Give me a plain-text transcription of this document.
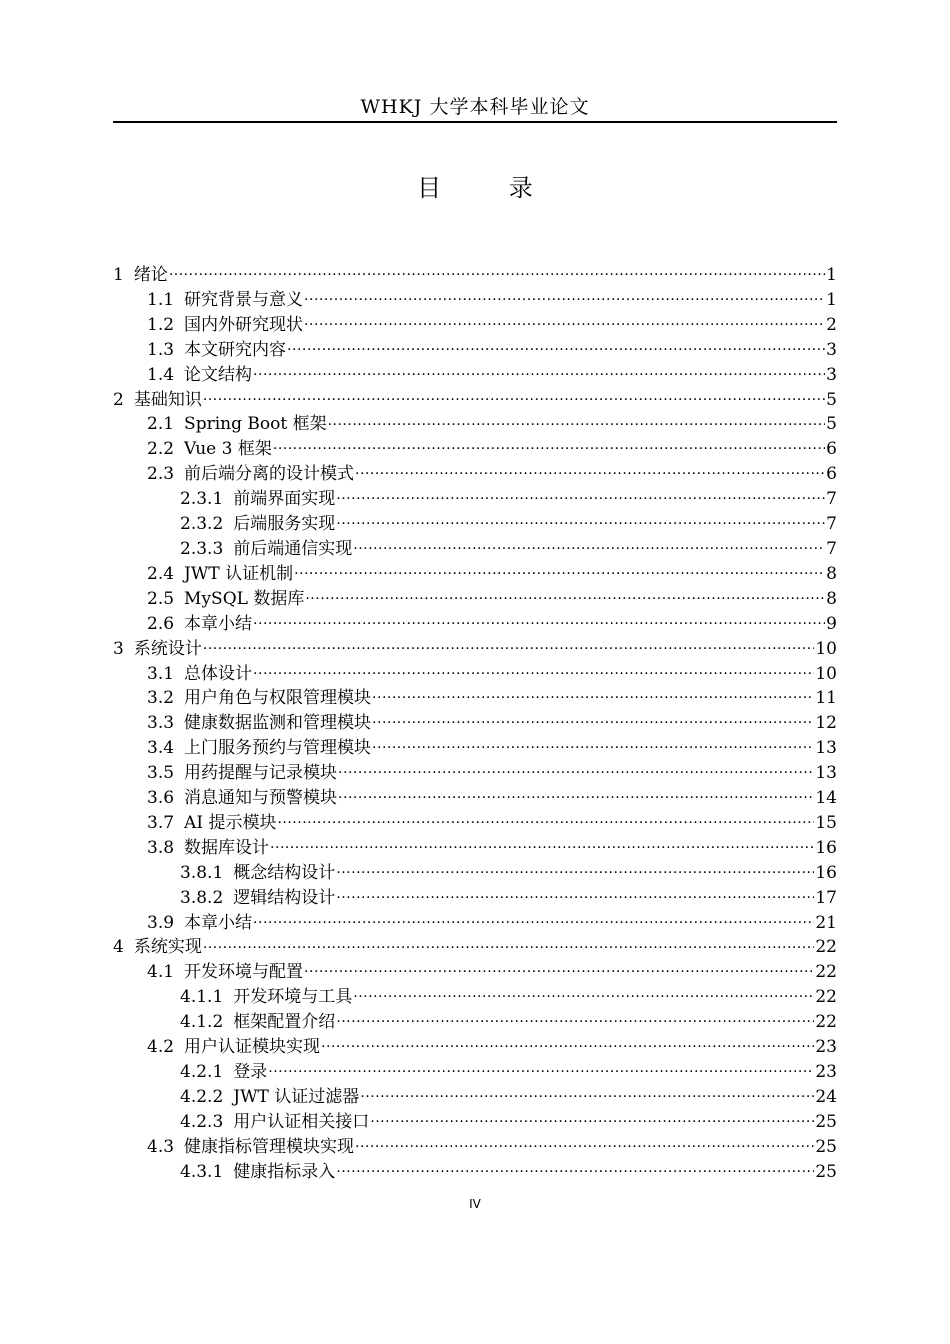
WHKJ 大学本科毕业论文
目 录
1 绪论 .....	1
1.1 研究背景与意义 .....	1
1.2 国内外研究现状 .....	2
1.3 本文研究内容 .....	3
1.4 论文结构 .....	3
2 基础知识 .....	5
2.1 Spring Boot 框架 .....	5
2.2 Vue 3 框架 .....	6
2.3 前后端分离的设计模式 .....	6
2.3.1 前端界面实现 .....	7
2.3.2 后端服务实现 .....	7
2.3.3 前后端通信实现 .....	7
2.4 JWT 认证机制 .....	8
2.5 MySQL 数据库 .....	8
2.6 本章小结 .....	9
3 系统设计 .....	10
3.1 总体设计 .....	10
3.2 用户角色与权限管理模块 .....	11
3.3 健康数据监测和管理模块 .....	12
3.4 上门服务预约与管理模块 .....	13
3.5 用药提醒与记录模块 .....	13
3.6 消息通知与预警模块 .....	14
3.7 AI 提示模块 .....	15
3.8 数据库设计 .....	16
3.8.1 概念结构设计 .....	16
3.8.2 逻辑结构设计 .....	17
3.9 本章小结 .....	21
4 系统实现 .....	22
4.1 开发环境与配置 .....	22
4.1.1 开发环境与工具 .....	22
4.1.2 框架配置介绍 .....	22
4.2 用户认证模块实现 .....	23
4.2.1 登录 .....	23
4.2.2 JWT 认证过滤器 .....	24
4.2.3 用户认证相关接口 .....	25
4.3 健康指标管理模块实现 .....	25
4.3.1 健康指标录入 .....	25
IV
